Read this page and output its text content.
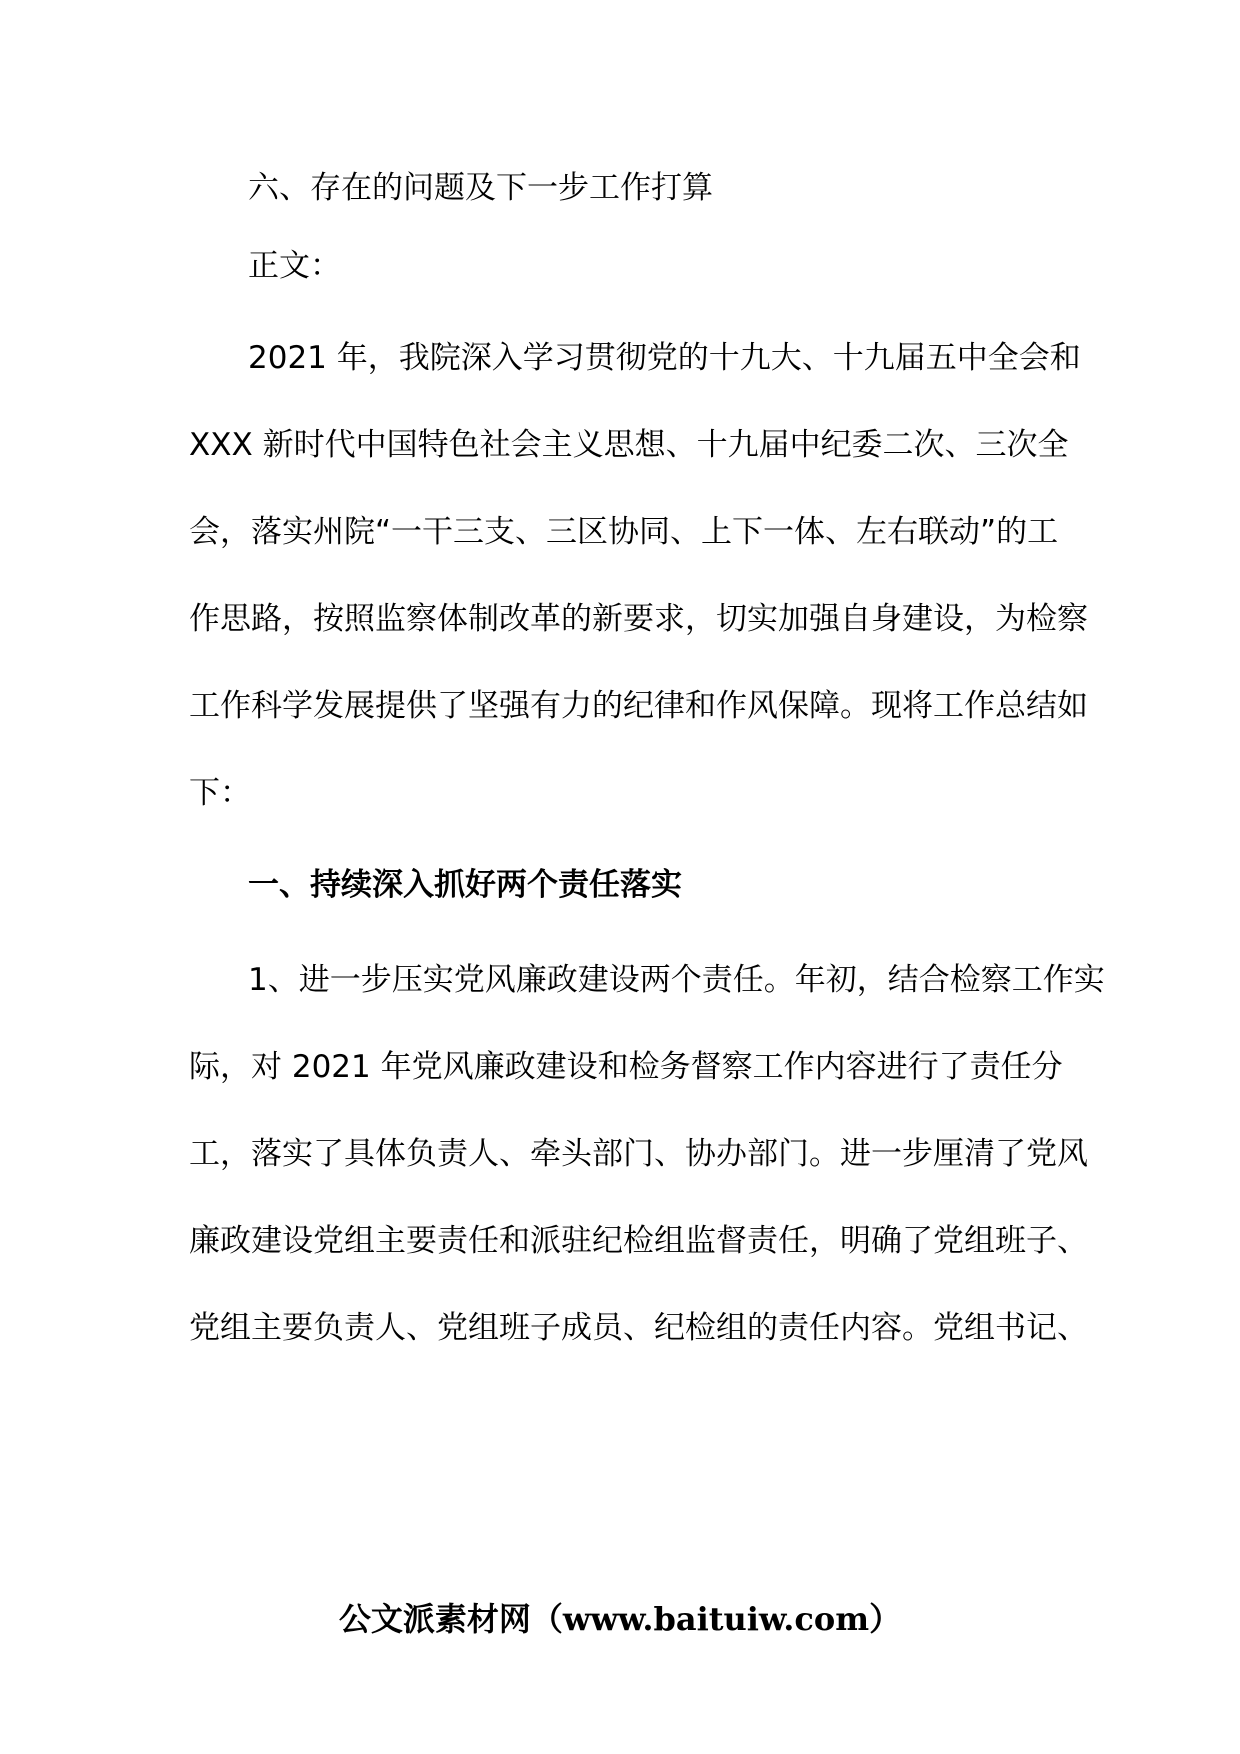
六、存在的问题及下一步工作打算
正文：
2021 年，我院深入学习贯彻党的十九大、十九届五中全会和
XXX 新时代中国特色社会主义思想、十九届中纪委二次、三次全
会，落实州院“一干三支、三区协同、上下一体、左右联动”的工
作思路，按照监察体制改革的新要求，切实加强自身建设，为检察
工作科学发展提供了坚强有力的纪律和作风保障。现将工作总结如
下：
一、持续深入抓好两个责任落实
1、进一步压实党风廉政建设两个责任。年初，结合检察工作实
际，对 2021 年党风廉政建设和检务督察工作内容进行了责任分
工，落实了具体负责人、牵头部门、协办部门。进一步厘清了党风
廉政建设党组主要责任和派驻纪检组监督责任，明确了党组班子、
党组主要负责人、党组班子成员、纪检组的责任内容。党组书记、
公文派素材网（www.baituiw.com）
